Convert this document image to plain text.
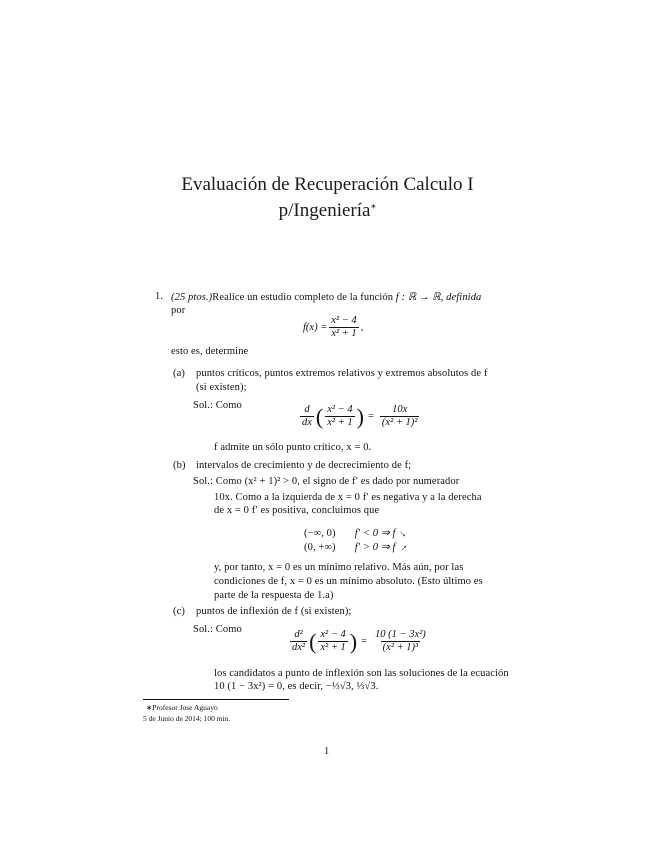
Evaluación de Recuperación Calculo I
p/Ingeniería∗
1. (25 ptos.)Realice un estudio completo de la función f : ℝ → ℝ, definida
por
$f(x) = \frac{\text{x² − 4}}{\text{x² + 1}}$ ,
esto es, determine
(a) puntos críticos, puntos extremos relativos y extremos absolutos de f
(si existen);
Sol.: Como	$\frac{d}{dx}$ ( $\frac{\text{x² − 4}}{\text{x² + 1}}$ ) = $\frac{10x}{\text{(x² + 1)²}}$
f admite un sólo punto crítico, x = 0.
(b) intervalos de crecimiento y de decrecimiento de f;
Sol.: Como (x² + 1)² > 0, el signo de f′ es dado por numerador
10x. Como a la izquierda de x = 0 f′ es negativa y a la derecha
de x = 0 f′ es positiva, concluimos que
(−∞, 0) f′ < 0 ⇒ f →
(0, +∞) f′ > 0 ⇒ f →
y, por tanto, x = 0 es un mínimo relativo. Más aún, por las
condiciones de f, x = 0 es un mínimo absoluto. (Esto último es
parte de la respuesta de 1.a)
(c) puntos de inflexión de f (si existen);
Sol.: Como	$\frac{\text{d²}}{\text{dx²}}$ ( $\frac{\text{x² − 4}}{\text{x² + 1}}$ ) = $\frac{\text{10 (1 − 3x²)}}{\text{(x² + 1)³}}$
los candidatos a punto de inflexión son las soluciones de la ecuación
10 (1 − 3x²) = 0, es decir, −⅓√3, ⅓√3.
∗Profesor Jose Aguayo
5 de Junio de 2014; 100 min.
1
